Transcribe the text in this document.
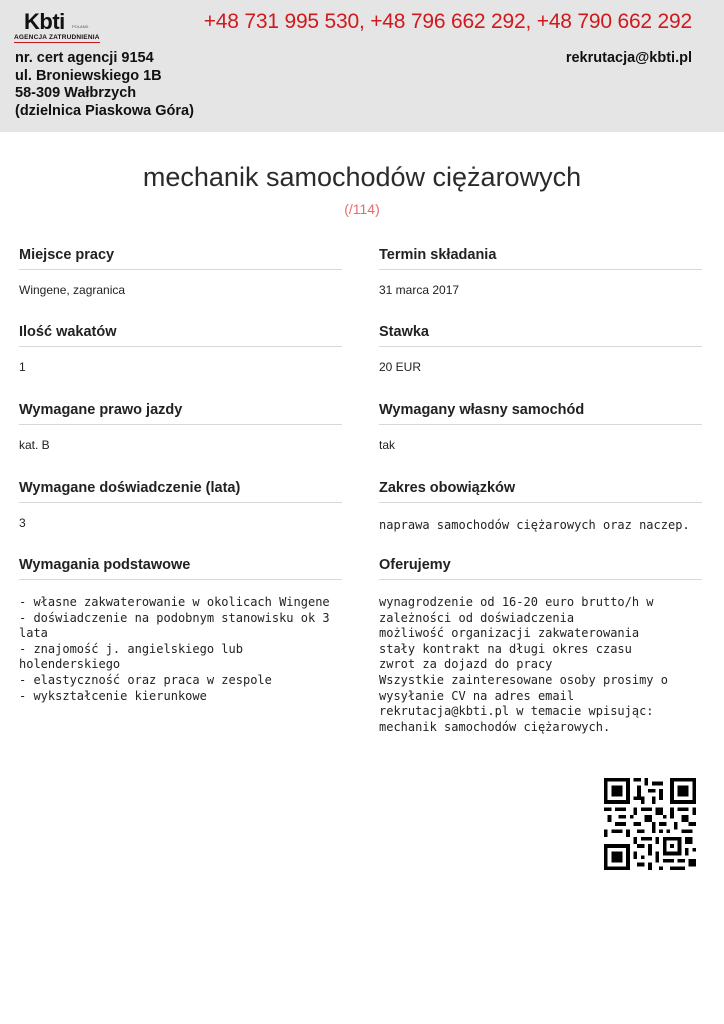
Kbti POLAND
AGENCJA ZATRUDNIENIA
+48 731 995 530, +48 796 662 292, +48 790 662 292
rekrutacja@kbti.pl
nr. cert agencji 9154
ul. Broniewskiego 1B
58-309 Wałbrzych
(dzielnica Piaskowa Góra)
mechanik samochodów ciężarowych
(/114)
Miejsce pracy
Wingene, zagranica
Termin składania
31 marca 2017
Ilość wakatów
1
Stawka
20 EUR
Wymagane prawo jazdy
kat. B
Wymagany własny samochód
tak
Wymagane doświadczenie (lata)
3
Zakres obowiązków
naprawa samochodów ciężarowych oraz naczep.
Wymagania podstawowe
- własne zakwaterowanie w okolicach Wingene
- doświadczenie na podobnym stanowisku ok 3 lata
- znajomość j. angielskiego lub holenderskiego
- elastyczność oraz praca w zespole
- wykształcenie kierunkowe
Oferujemy
wynagrodzenie od 16-20 euro brutto/h w zależności od doświadczenia
możliwość organizacji zakwaterowania
stały kontrakt na długi okres czasu
zwrot za dojazd do pracy
Wszystkie zainteresowane osoby prosimy o wysyłanie CV na adres email rekrutacja@kbti.pl w temacie wpisując: mechanik samochodów ciężarowych.
